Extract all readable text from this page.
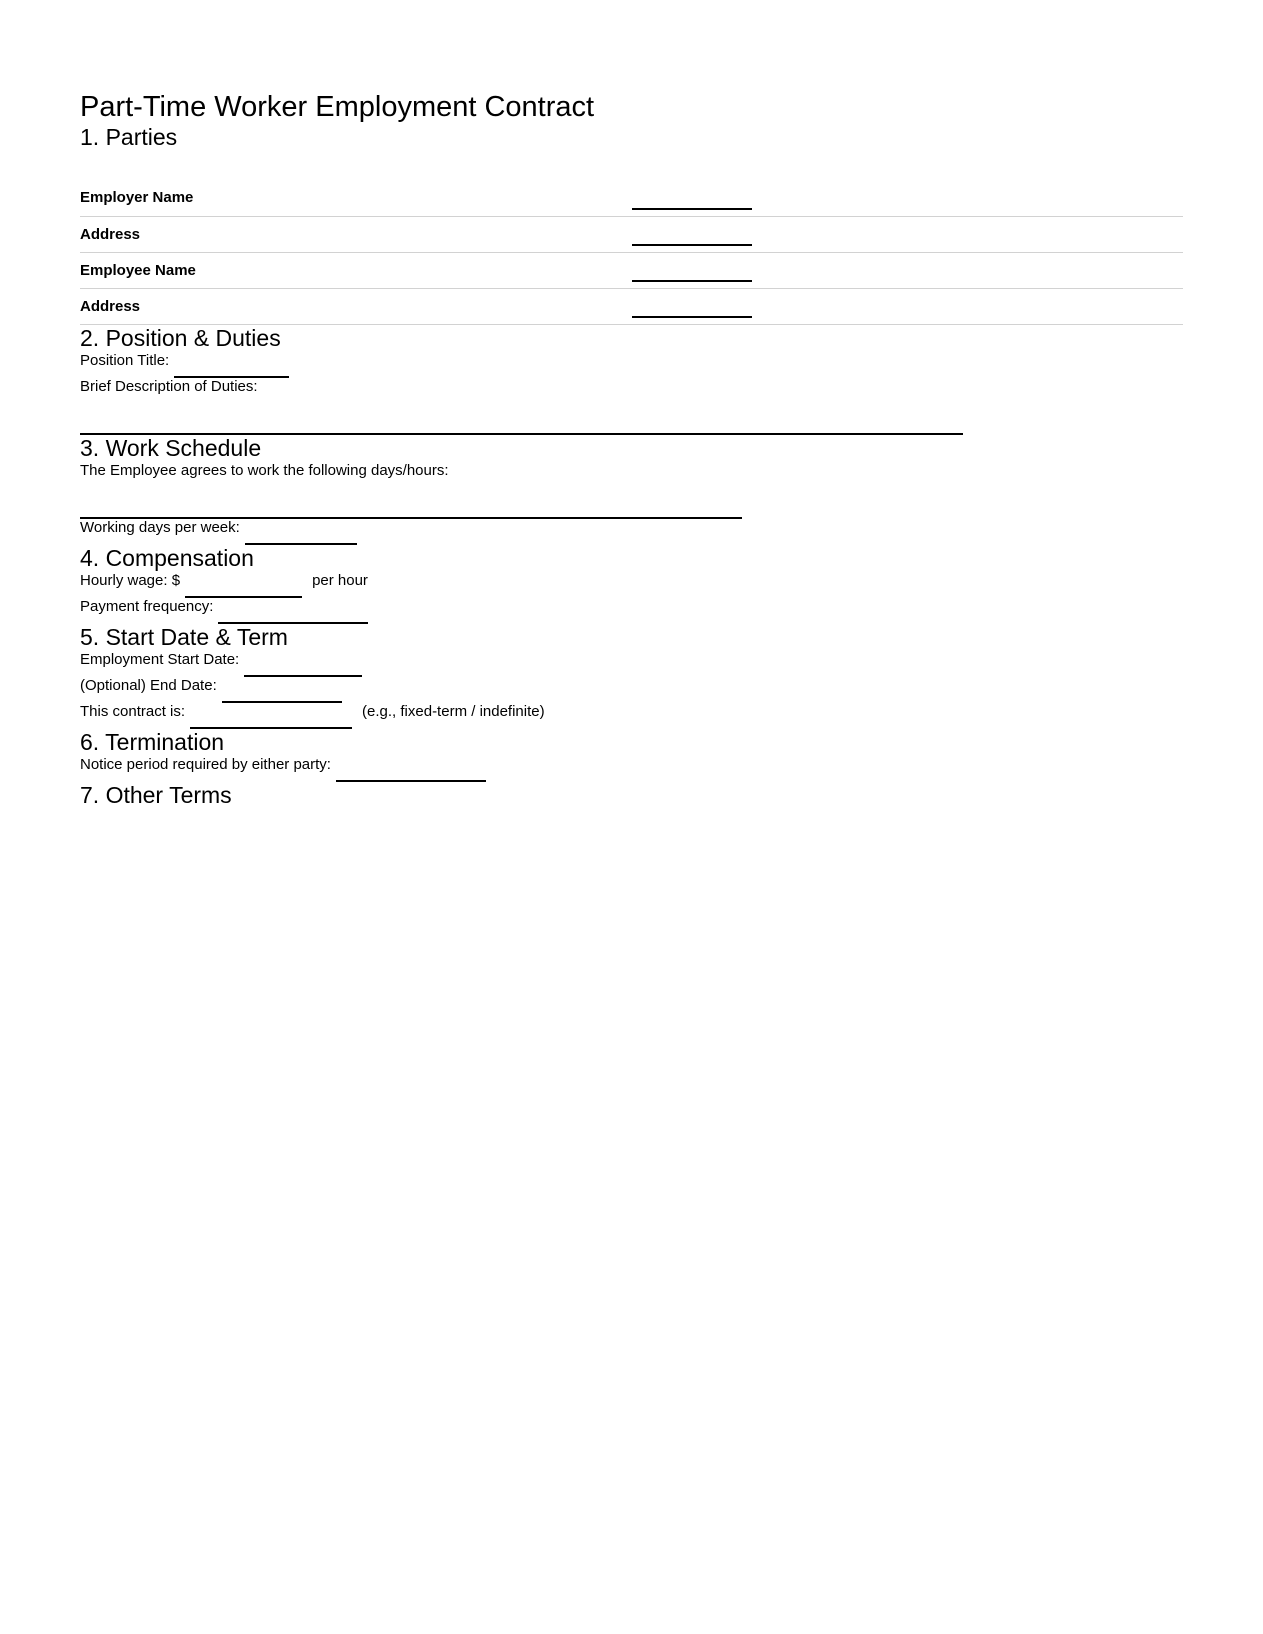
Part-Time Worker Employment Contract
1. Parties
Employer Name	
Address	
Employee Name	
Address	
2. Position & Duties

Position Title:

Brief Description of Duties:

3. Work Schedule

The Employee agrees to work the following days/hours:

Working days per week:

4. Compensation

Hourly wage: $	per hour

Payment frequency:

5. Start Date & Term

Employment Start Date:

(Optional) End Date:

This contract is:	(e.g., fixed-term / indefinite)

6. Termination

Notice period required by either party:

7. Other Terms
